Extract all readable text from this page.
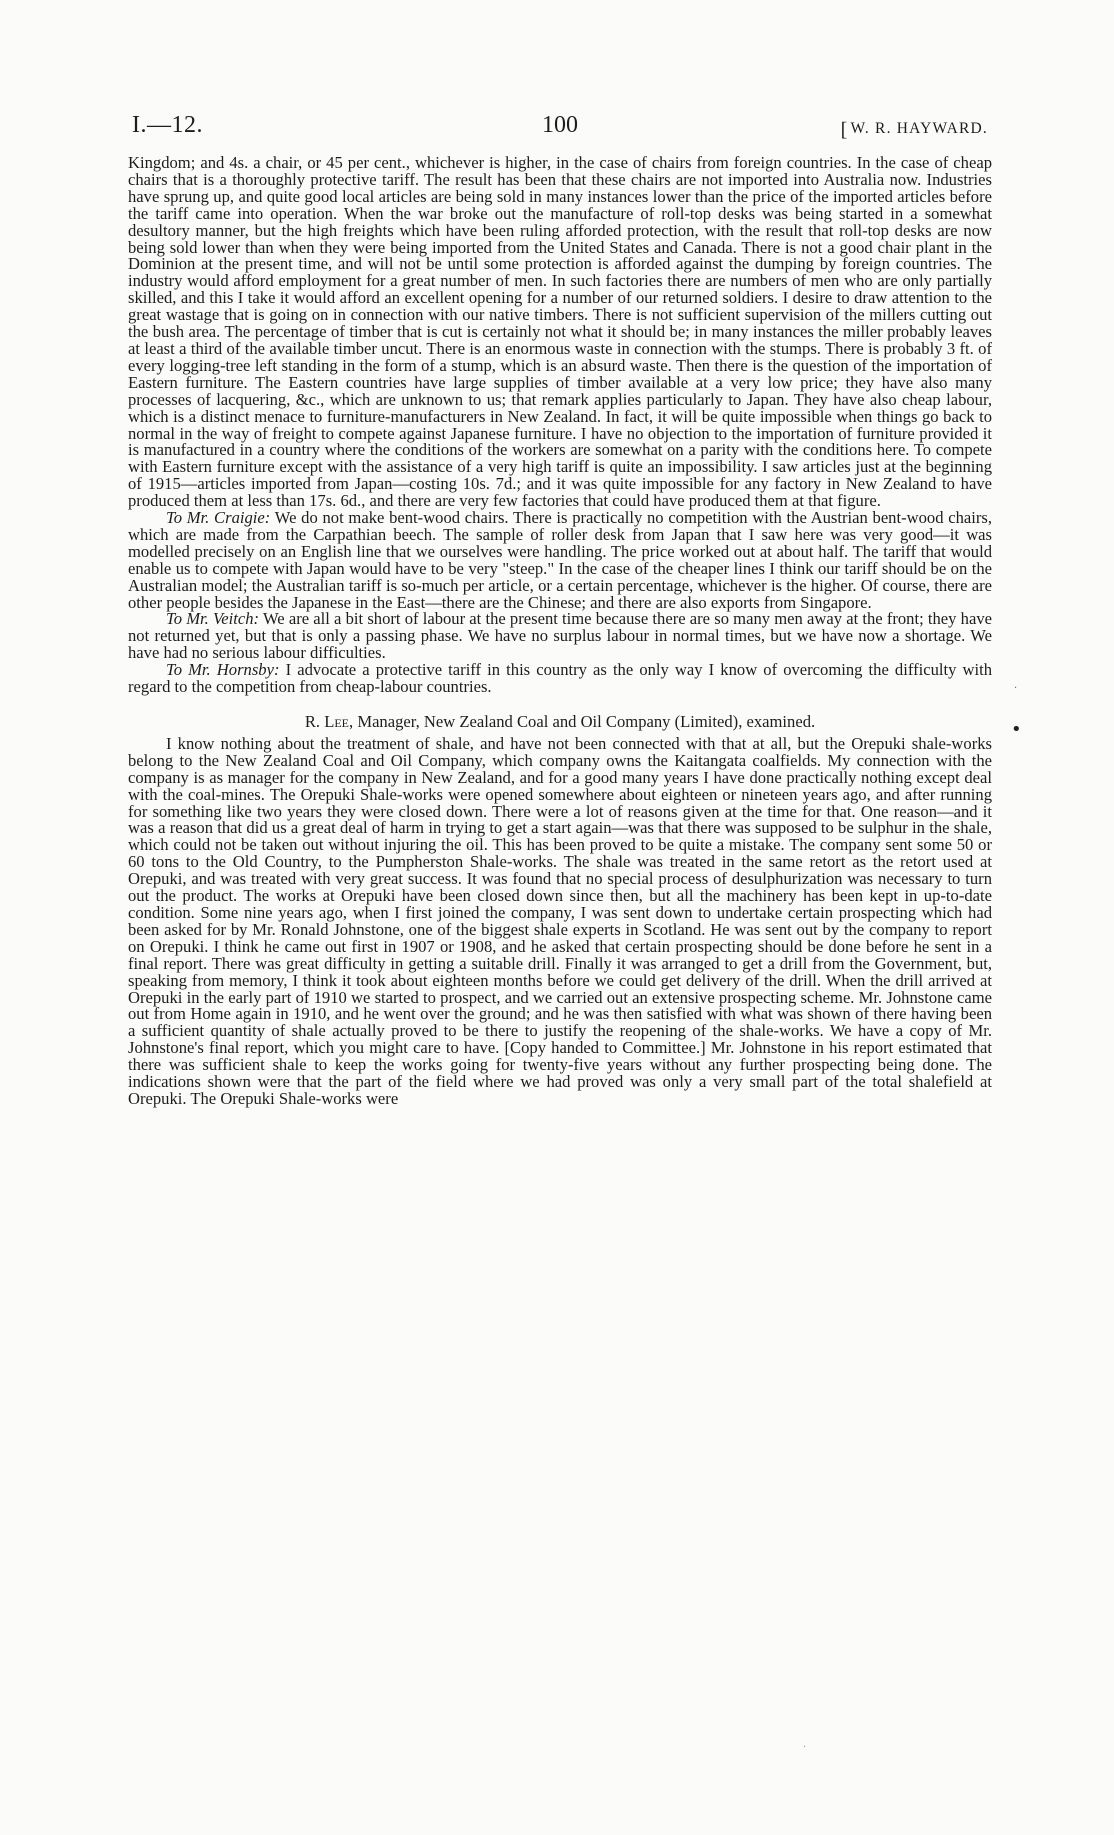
I.—12.	100	[ W. R. HAYWARD.

Kingdom; and 4s. a chair, or 45 per cent., whichever is higher, in the case of chairs from foreign countries. In the case of cheap chairs that is a thoroughly protective tariff. The result has been that these chairs are not imported into Australia now. Industries have sprung up, and quite good local articles are being sold in many instances lower than the price of the imported articles before the tariff came into operation. When the war broke out the manufacture of roll-top desks was being started in a somewhat desultory manner, but the high freights which have been ruling afforded protection, with the result that roll-top desks are now being sold lower than when they were being imported from the United States and Canada. There is not a good chair plant in the Dominion at the present time, and will not be until some protection is afforded against the dumping by foreign countries. The industry would afford employment for a great number of men. In such factories there are numbers of men who are only partially skilled, and this I take it would afford an excellent opening for a number of our returned soldiers. I desire to draw attention to the great wastage that is going on in connection with our native timbers. There is not sufficient supervision of the millers cutting out the bush area. The percentage of timber that is cut is certainly not what it should be; in many instances the miller probably leaves at least a third of the available timber uncut. There is an enormous waste in connection with the stumps. There is probably 3 ft. of every logging-tree left standing in the form of a stump, which is an absurd waste. Then there is the question of the importation of Eastern furniture. The Eastern countries have large supplies of timber available at a very low price; they have also many processes of lacquering, &c., which are unknown to us; that remark applies particularly to Japan. They have also cheap labour, which is a distinct menace to furniture-manufacturers in New Zealand. In fact, it will be quite impossible when things go back to normal in the way of freight to compete against Japanese furniture. I have no objection to the importation of furniture provided it is manufactured in a country where the conditions of the workers are somewhat on a parity with the conditions here. To compete with Eastern furniture except with the assistance of a very high tariff is quite an impossibility. I saw articles just at the beginning of 1915—articles imported from Japan—costing 10s. 7d.; and it was quite impossible for any factory in New Zealand to have produced them at less than 17s. 6d., and there are very few factories that could have produced them at that figure.

To Mr. Craigie: We do not make bent-wood chairs. There is practically no competition with the Austrian bent-wood chairs, which are made from the Carpathian beech. The sample of roller desk from Japan that I saw here was very good—it was modelled precisely on an English line that we ourselves were handling. The price worked out at about half. The tariff that would enable us to compete with Japan would have to be very "steep." In the case of the cheaper lines I think our tariff should be on the Australian model; the Australian tariff is so-much per article, or a certain percentage, whichever is the higher. Of course, there are other people besides the Japanese in the East—there are the Chinese; and there are also exports from Singapore.

To Mr. Veitch: We are all a bit short of labour at the present time because there are so many men away at the front; they have not returned yet, but that is only a passing phase. We have no surplus labour in normal times, but we have now a shortage. We have had no serious labour difficulties.

To Mr. Hornsby: I advocate a protective tariff in this country as the only way I know of overcoming the difficulty with regard to the competition from cheap-labour countries.

R. Lee, Manager, New Zealand Coal and Oil Company (Limited), examined.

I know nothing about the treatment of shale, and have not been connected with that at all, but the Orepuki shale-works belong to the New Zealand Coal and Oil Company, which company owns the Kaitangata coalfields. My connection with the company is as manager for the company in New Zealand, and for a good many years I have done practically nothing except deal with the coal-mines. The Orepuki Shale-works were opened somewhere about eighteen or nineteen years ago, and after running for something like two years they were closed down. There were a lot of reasons given at the time for that. One reason—and it was a reason that did us a great deal of harm in trying to get a start again—was that there was supposed to be sulphur in the shale, which could not be taken out without injuring the oil. This has been proved to be quite a mistake. The company sent some 50 or 60 tons to the Old Country, to the Pumpherston Shale-works. The shale was treated in the same retort as the retort used at Orepuki, and was treated with very great success. It was found that no special process of desulphurization was necessary to turn out the product. The works at Orepuki have been closed down since then, but all the machinery has been kept in up-to-date condition. Some nine years ago, when I first joined the company, I was sent down to undertake certain prospecting which had been asked for by Mr. Ronald Johnstone, one of the biggest shale experts in Scotland. He was sent out by the company to report on Orepuki. I think he came out first in 1907 or 1908, and he asked that certain prospecting should be done before he sent in a final report. There was great difficulty in getting a suitable drill. Finally it was arranged to get a drill from the Government, but, speaking from memory, I think it took about eighteen months before we could get delivery of the drill. When the drill arrived at Orepuki in the early part of 1910 we started to prospect, and we carried out an extensive prospecting scheme. Mr. Johnstone came out from Home again in 1910, and he went over the ground; and he was then satisfied with what was shown of there having been a sufficient quantity of shale actually proved to be there to justify the reopening of the shale-works. We have a copy of Mr. Johnstone's final report, which you might care to have. [Copy handed to Committee.] Mr. Johnstone in his report estimated that there was sufficient shale to keep the works going for twenty-five years without any further prospecting being done. The indications shown were that the part of the field where we had proved was only a very small part of the total shalefield at Orepuki. The Orepuki Shale-works were

·
•
·
